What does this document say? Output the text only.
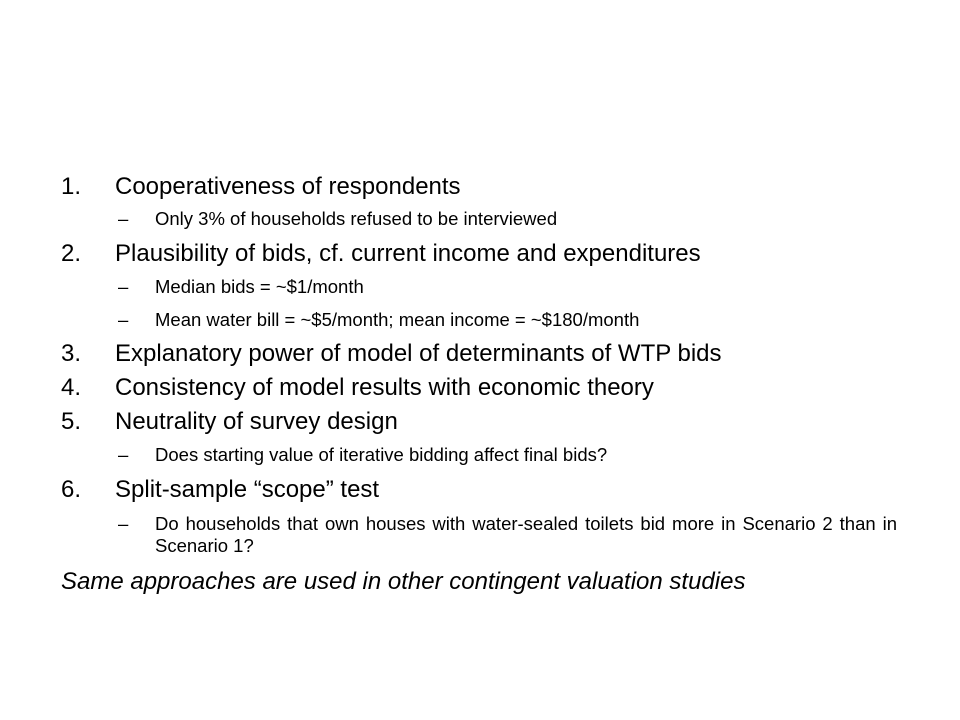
1. Cooperativeness of respondents
– Only 3% of households refused to be interviewed
2. Plausibility of bids, cf. current income and expenditures
– Median bids = ~$1/month
– Mean water bill = ~$5/month; mean income = ~$180/month
3. Explanatory power of model of determinants of WTP bids
4. Consistency of model results with economic theory
5. Neutrality of survey design
– Does starting value of iterative bidding affect final bids?
6. Split-sample “scope” test
– Do households that own houses with water-sealed toilets bid more in Scenario 2 than in Scenario 1?
Same approaches are used in other contingent valuation studies
